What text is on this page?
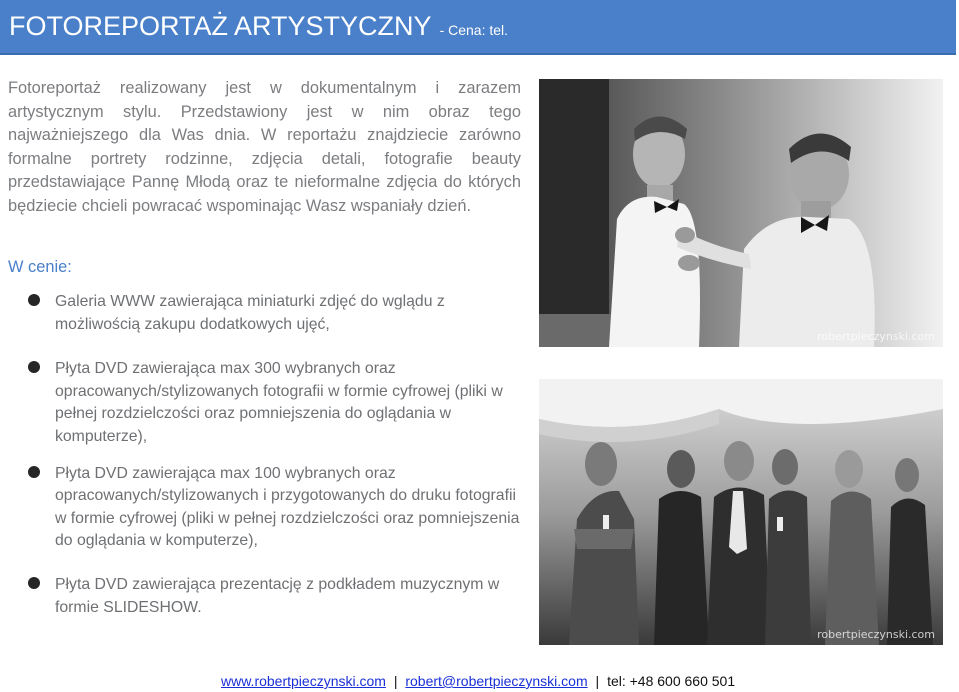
FOTOREPORTAŻ ARTYSTYCZNY - Cena: tel.
Fotoreportaż realizowany jest w dokumentalnym i zarazem artystycznym stylu. Przedstawiony jest w nim obraz tego najważniejszego dla Was dnia. W reportażu znajdziecie zarówno formalne portrety rodzinne, zdjęcia detali, fotografie beauty przedstawiające Pannę Młodą oraz te nieformalne zdjęcia do których będziecie chcieli powracać wspominając Wasz wspaniały dzień.
W cenie:
Galeria WWW zawierająca miniaturki zdjęć do wglądu z możliwością zakupu dodatkowych ujęć,
Płyta DVD zawierająca max 300 wybranych oraz opracowanych/stylizowanych fotografii w formie cyfrowej (pliki w pełnej rozdzielczości oraz pomniejszenia do oglądania w komputerze),
Płyta DVD zawierająca max 100 wybranych oraz opracowanych/stylizowanych i przygotowanych do druku fotografii w formie cyfrowej (pliki w pełnej rozdzielczości oraz pomniejszenia do oglądania w komputerze),
Płyta DVD zawierająca prezentację z podkładem muzycznym w formie SLIDESHOW.
robertpieczynski.com
robertpieczynski.com
www.robertpieczynski.com | robert@robertpieczynski.com | tel: +48 600 660 501
